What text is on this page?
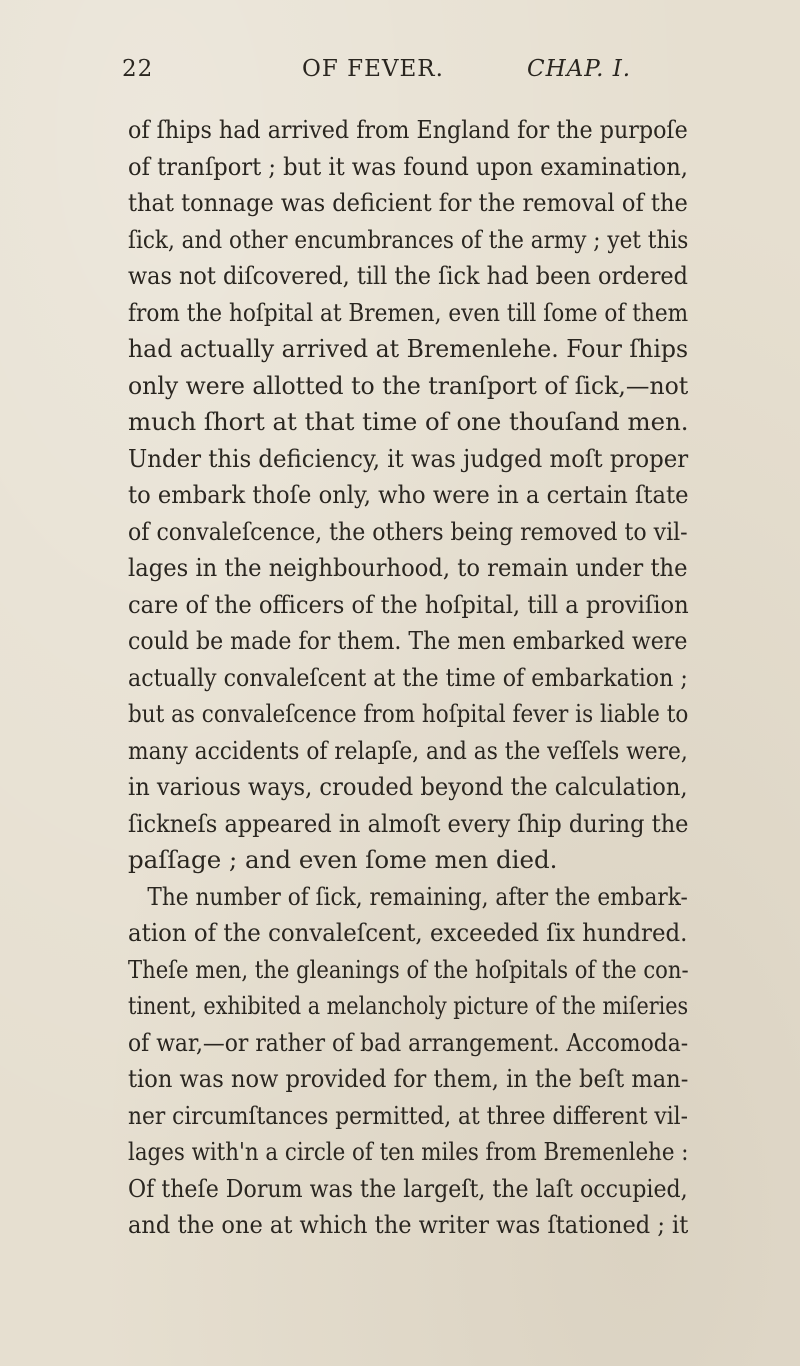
22	OF FEVER.	CHAP. I.
of ſhips had arrived from England for the purpoſe
of tranſport ; but it was found upon examination,
that tonnage was deficient for the removal of the
ſick, and other encumbrances of the army ; yet this
was not diſcovered, till the ſick had been ordered
from the hoſpital at Bremen, even till ſome of them
had actually arrived at Bremenlehe. Four ſhips
only were allotted to the tranſport of ſick,—not
much ſhort at that time of one thouſand men.
Under this deficiency, it was judged moſt proper
to embark thoſe only, who were in a certain ſtate
of convaleſcence, the others being removed to vil-
lages in the neighbourhood, to remain under the
care of the officers of the hoſpital, till a proviſion
could be made for them. The men embarked were
actually convaleſcent at the time of embarkation ;
but as convaleſcence from hoſpital fever is liable to
many accidents of relapſe, and as the veſſels were,
in various ways, crouded beyond the calculation,
ſickneſs appeared in almoſt every ſhip during the
paſſage ; and even ſome men died.
The number of ſick, remaining, after the embark-
ation of the convaleſcent, exceeded ſix hundred.
Theſe men, the gleanings of the hoſpitals of the con-
tinent, exhibited a melancholy picture of the miſeries
of war,—or rather of bad arrangement. Accomoda-
tion was now provided for them, in the beſt man-
ner circumſtances permitted, at three different vil-
lages with'n a circle of ten miles from Bremenlehe :
Of theſe Dorum was the largeſt, the laſt occupied,
and the one at which the writer was ſtationed ; it
